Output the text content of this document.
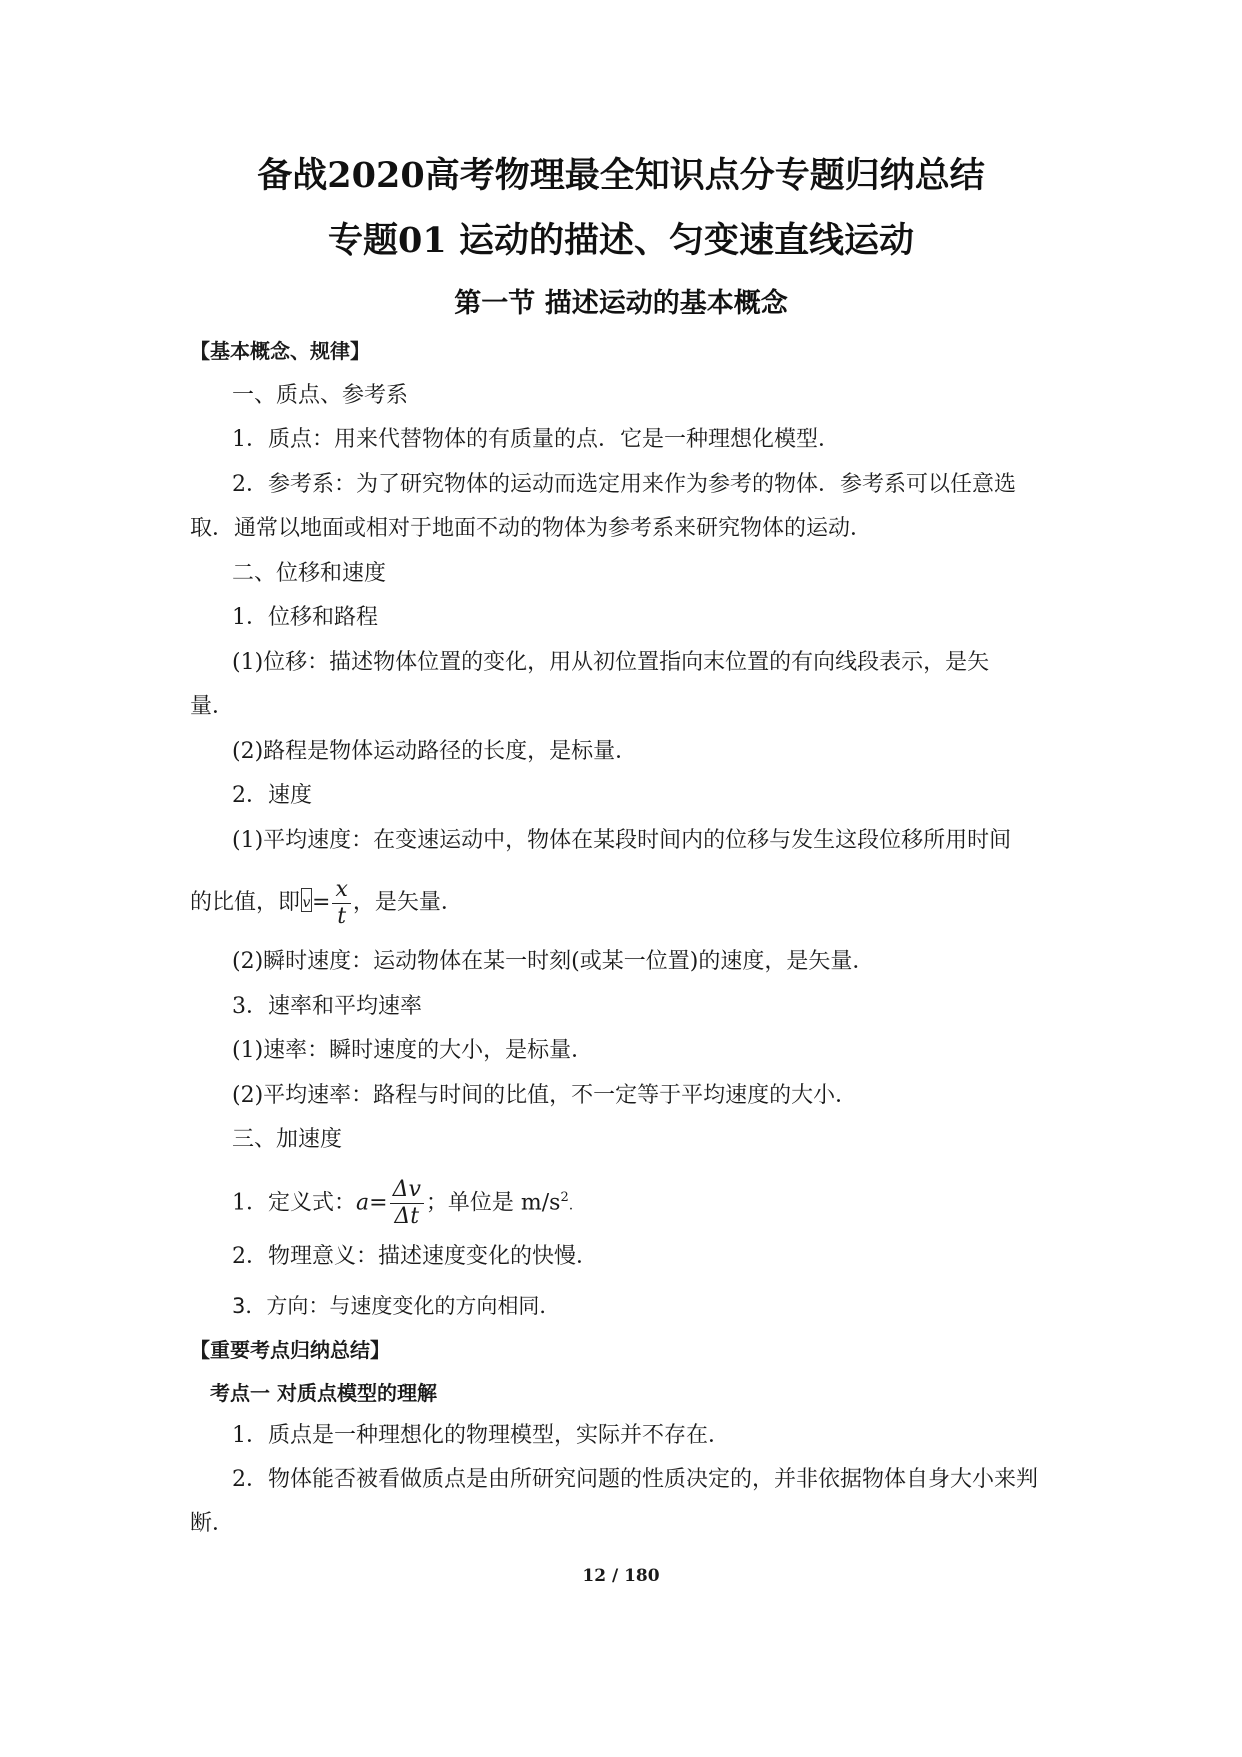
备战2020高考物理最全知识点分专题归纳总结
专题01 运动的描述、匀变速直线运动
第一节 描述运动的基本概念
【基本概念、规律】
一、质点、参考系
1．质点：用来代替物体的有质量的点．它是一种理想化模型．
2．参考系：为了研究物体的运动而选定用来作为参考的物体．参考系可以任意选
取．通常以地面或相对于地面不动的物体为参考系来研究物体的运动．
二、位移和速度
1．位移和路程
(1)位移：描述物体位置的变化，用从初位置指向末位置的有向线段表示，是矢
量．
(2)路程是物体运动路径的长度，是标量．
2．速度
(1)平均速度：在变速运动中，物体在某段时间内的位移与发生这段位移所用时间
的比值，即 $v= \frac{x}{t}$ ，是矢量．
(2)瞬时速度：运动物体在某一时刻(或某一位置)的速度，是矢量．
3．速率和平均速率
(1)速率：瞬时速度的大小，是标量．
(2)平均速率：路程与时间的比值，不一定等于平均速度的大小．
三、加速度
1．定义式：$a= \frac{\Delta v}{\Delta t}$ ；单位是 $m/s^2$.
2．物理意义：描述速度变化的快慢．
3．方向：与速度变化的方向相同．
【重要考点归纳总结】
考点一 对质点模型的理解
1．质点是一种理想化的物理模型，实际并不存在．
2．物体能否被看做质点是由所研究问题的性质决定的，并非依据物体自身大小来判
断．
12 / 180
